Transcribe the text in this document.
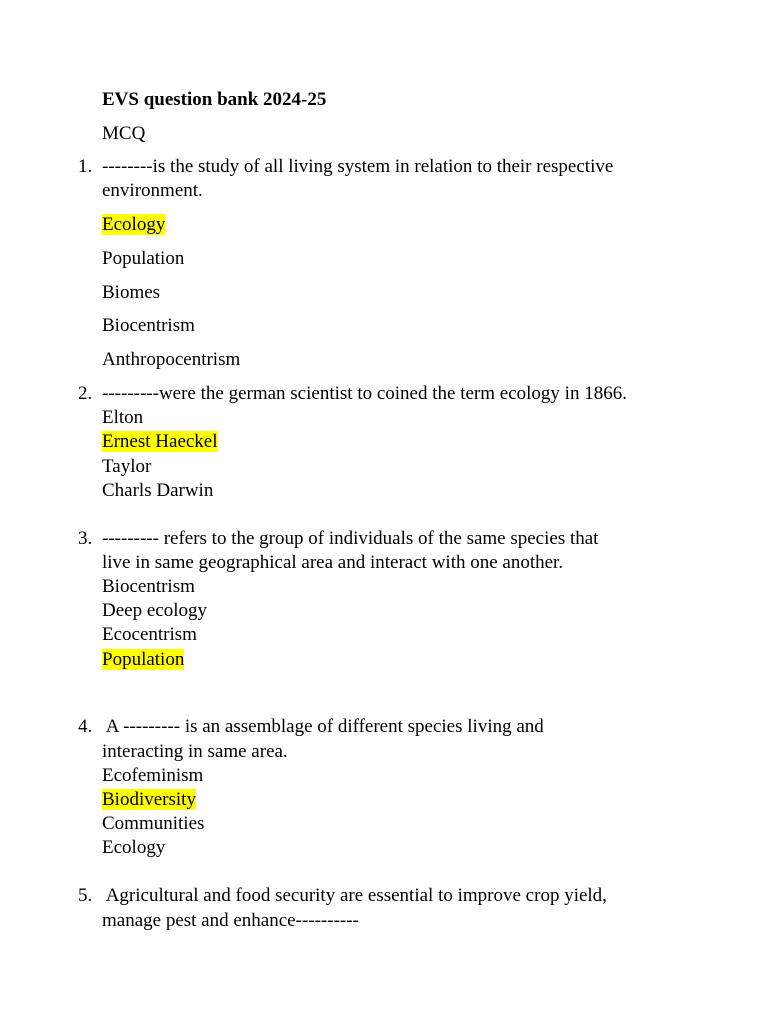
EVS question bank 2024-25
MCQ
1. --------is the study of all living system in relation to their respective
environment.
Ecology
Population
Biomes
Biocentrism
Anthropocentrism
2. ---------were the german scientist to coined the term ecology in 1866.
Elton
Ernest Haeckel
Taylor
Charls Darwin
3. --------- refers to the group of individuals of the same species that
live in same geographical area and interact with one another.
Biocentrism
Deep ecology
Ecocentrism
Population
4. A --------- is an assemblage of different species living and
interacting in same area.
Ecofeminism
Biodiversity
Communities
Ecology
5. Agricultural and food security are essential to improve crop yield,
manage pest and enhance----------
